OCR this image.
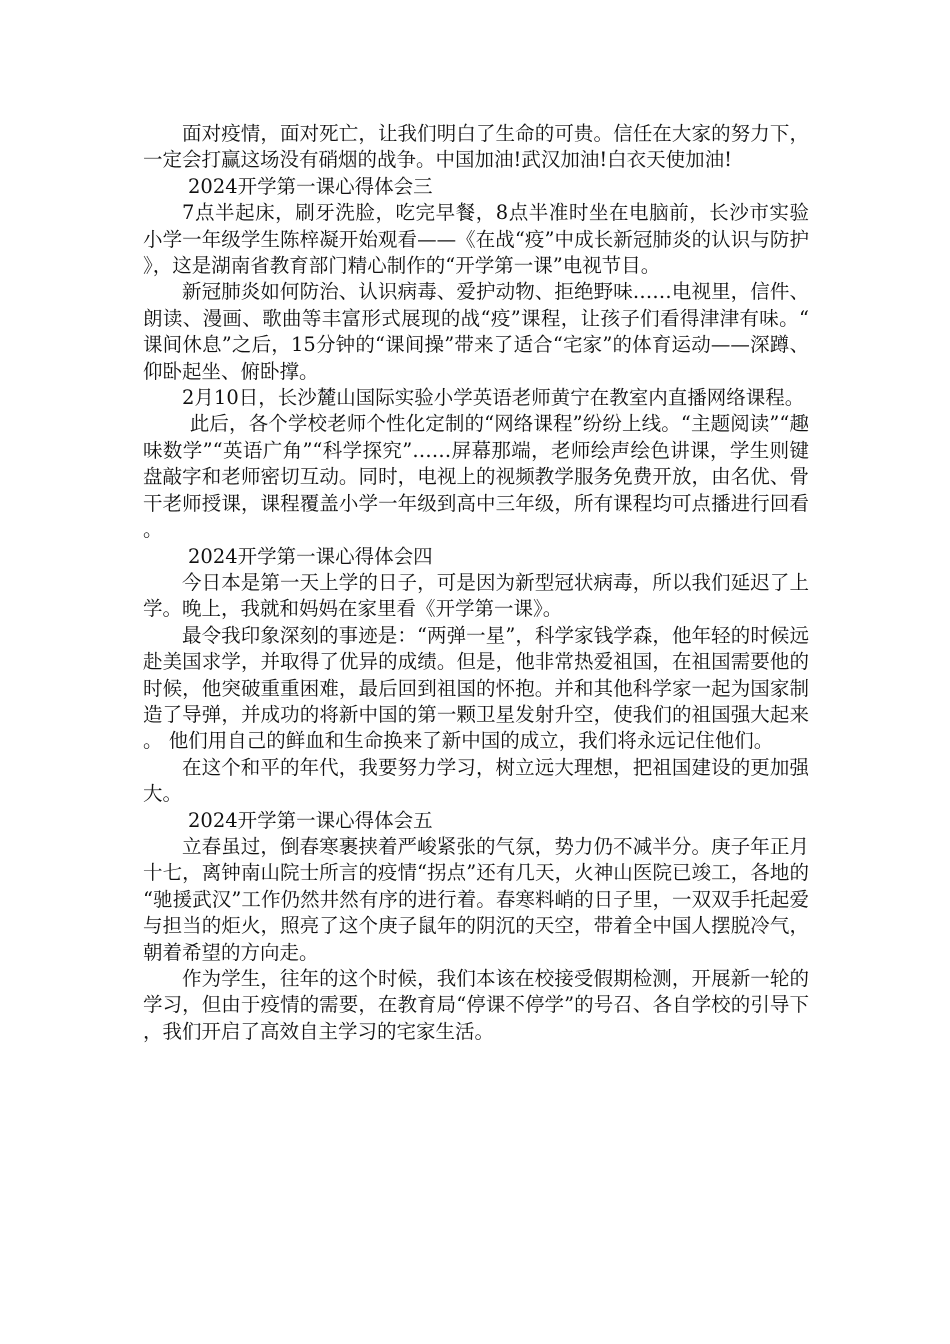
面对疫情，面对死亡，让我们明白了生命的可贵。信任在大家的努力下，一定会打赢这场没有硝烟的战争。中国加油!武汉加油!白衣天使加油!

2024开学第一课心得体会三

7点半起床，刷牙洗脸，吃完早餐，8点半准时坐在电脑前，长沙市实验小学一年级学生陈梓凝开始观看——《在战“疫”中成长新冠肺炎的认识与防护》，这是湖南省教育部门精心制作的“开学第一课”电视节目。

新冠肺炎如何防治、认识病毒、爱护动物、拒绝野味……电视里，信件、朗读、漫画、歌曲等丰富形式展现的战“疫”课程，让孩子们看得津津有味。“课间休息”之后，15分钟的“课间操”带来了适合“宅家”的体育运动——深蹲、仰卧起坐、俯卧撑。

2月10日，长沙麓山国际实验小学英语老师黄宁在教室内直播网络课程。

此后，各个学校老师个性化定制的“网络课程”纷纷上线。“主题阅读”“趣味数学”“英语广角”“科学探究”……屏幕那端，老师绘声绘色讲课，学生则键盘敲字和老师密切互动。同时，电视上的视频教学服务免费开放，由名优、骨干老师授课，课程覆盖小学一年级到高中三年级，所有课程均可点播进行回看。

2024开学第一课心得体会四

今日本是第一天上学的日子，可是因为新型冠状病毒，所以我们延迟了上学。晚上，我就和妈妈在家里看《开学第一课》。

最令我印象深刻的事迹是：“两弹一星”，科学家钱学森，他年轻的时候远赴美国求学，并取得了优异的成绩。但是，他非常热爱祖国，在祖国需要他的时候，他突破重重困难，最后回到祖国的怀抱。并和其他科学家一起为国家制造了导弹，并成功的将新中国的第一颗卫星发射升空，使我们的祖国强大起来。 他们用自己的鲜血和生命换来了新中国的成立，我们将永远记住他们。

在这个和平的年代，我要努力学习，树立远大理想，把祖国建设的更加强大。

2024开学第一课心得体会五

立春虽过，倒春寒裹挟着严峻紧张的气氛，势力仍不减半分。庚子年正月十七，离钟南山院士所言的疫情“拐点”还有几天，火神山医院已竣工，各地的“驰援武汉”工作仍然井然有序的进行着。春寒料峭的日子里，一双双手托起爱与担当的炬火，照亮了这个庚子鼠年的阴沉的天空，带着全中国人摆脱冷气，朝着希望的方向走。

作为学生，往年的这个时候，我们本该在校接受假期检测，开展新一轮的学习，但由于疫情的需要，在教育局“停课不停学”的号召、各自学校的引导下，我们开启了高效自主学习的宅家生活。
